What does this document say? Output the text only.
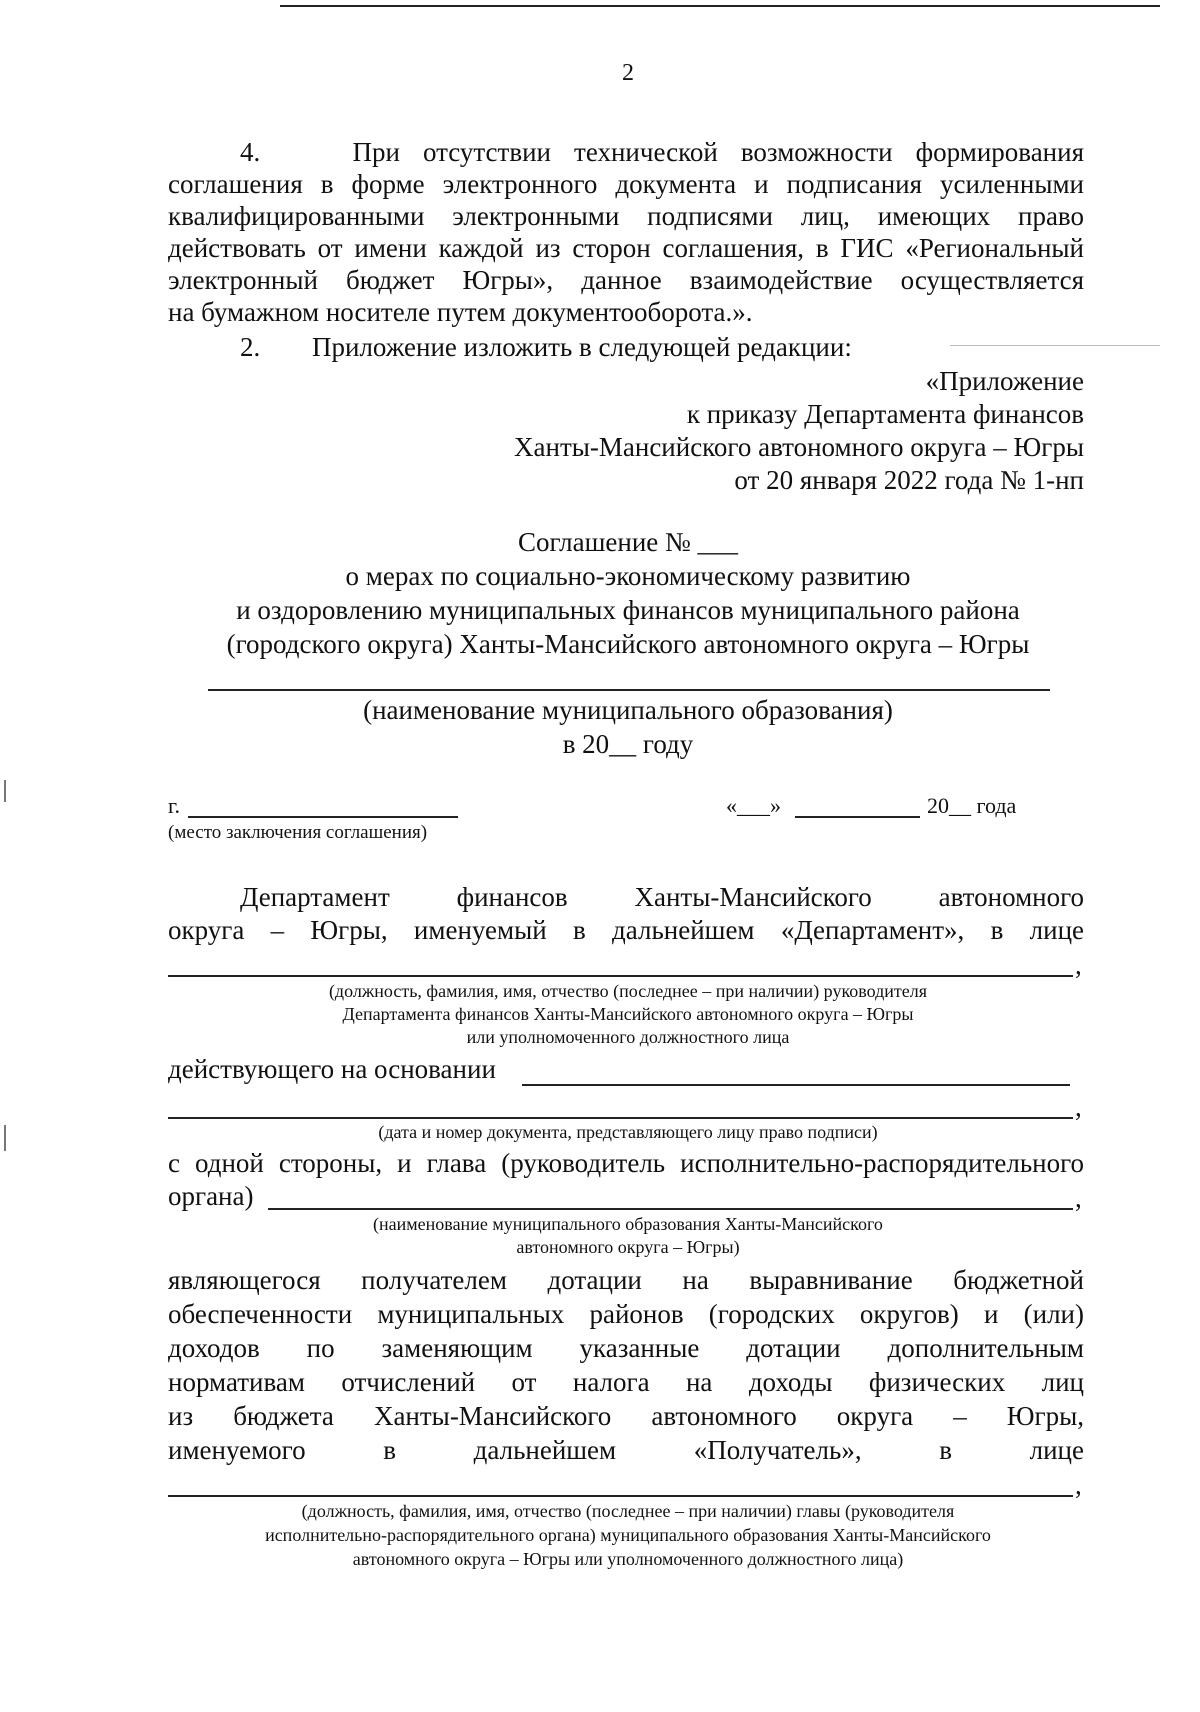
2
4.    При отсутствии технической возможности формирования
соглашения в форме электронного документа и подписания усиленными
квалифицированными электронными подписями лиц, имеющих право
действовать от имени каждой из сторон соглашения, в ГИС «Региональный
электронный бюджет Югры», данное взаимодействие осуществляется
на бумажном носителе путем документооборота.».
2. Приложение изложить в следующей редакции:
«Приложение
к приказу Департамента финансов
Ханты-Мансийского автономного округа – Югры
от 20 января 2022 года № 1-нп
Соглашение № ___
о мерах по социально-экономическому развитию
и оздоровлению муниципальных финансов муниципального района
(городского округа) Ханты-Мансийского автономного округа – Югры
(наименование муниципального образования)
в 20__ году
г.
(место заключения соглашения)
«___»	20__ года
Департамент финансов Ханты-Мансийского автономного
округа – Югры, именуемый в дальнейшем «Департамент», в лице
,
(должность, фамилия, имя, отчество (последнее – при наличии) руководителя
Департамента финансов Ханты-Мансийского автономного округа – Югры
или уполномоченного должностного лица
действующего на основании
,
(дата и номер документа, представляющего лицу право подписи)
с одной стороны, и глава (руководитель исполнительно-распорядительного
органа)	,
(наименование муниципального образования Ханты-Мансийского
автономного округа – Югры)
являющегося получателем дотации на выравнивание бюджетной
обеспеченности муниципальных районов (городских округов) и (или)
доходов по заменяющим указанные дотации дополнительным
нормативам отчислений от налога на доходы физических лиц
из бюджета Ханты-Мансийского автономного округа – Югры,
именуемого в дальнейшем «Получатель», в лице
,
(должность, фамилия, имя, отчество (последнее – при наличии) главы (руководителя
исполнительно-распорядительного органа) муниципального образования Ханты-Мансийского
автономного округа – Югры или уполномоченного должностного лица)
